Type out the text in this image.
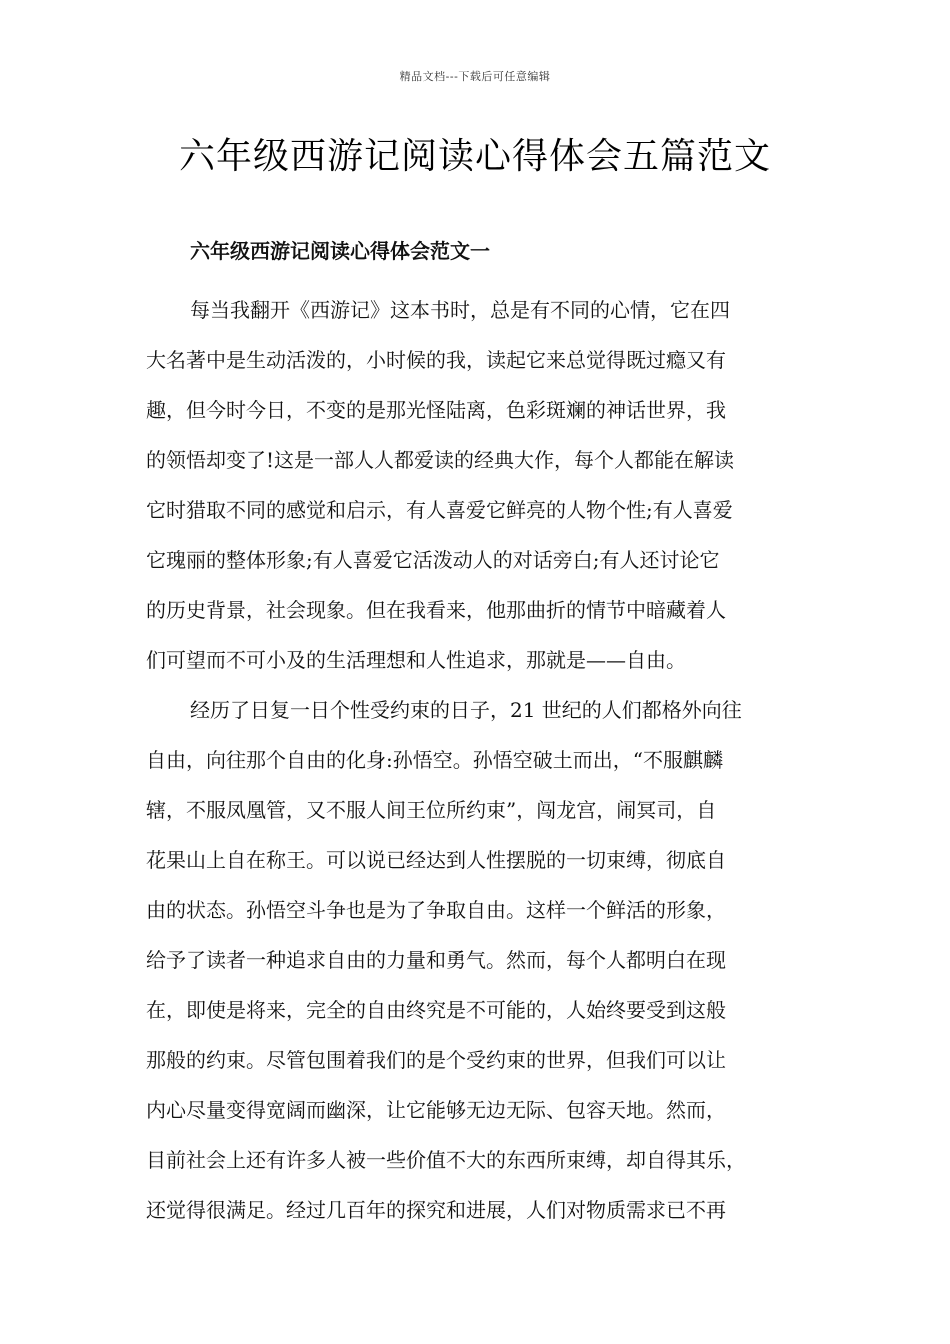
精品文档---下载后可任意编辑
六年级西游记阅读心得体会五篇范文
六年级西游记阅读心得体会范文一
每当我翻开《西游记》这本书时，总是有不同的心情，它在四
大名著中是生动活泼的，小时候的我，读起它来总觉得既过瘾又有
趣，但今时今日，不变的是那光怪陆离，色彩斑斓的神话世界，我
的领悟却变了!这是一部人人都爱读的经典大作，每个人都能在解读
它时猎取不同的感觉和启示，有人喜爱它鲜亮的人物个性;有人喜爱
它瑰丽的整体形象;有人喜爱它活泼动人的对话旁白;有人还讨论它
的历史背景，社会现象。但在我看来，他那曲折的情节中暗藏着人
们可望而不可小及的生活理想和人性追求，那就是——自由。
经历了日复一日个性受约束的日子，21 世纪的人们都格外向往
自由，向往那个自由的化身:孙悟空。孙悟空破土而出，“不服麒麟
辖，不服凤凰管，又不服人间王位所约束”，闯龙宫，闹冥司，自
花果山上自在称王。可以说已经达到人性摆脱的一切束缚，彻底自
由的状态。孙悟空斗争也是为了争取自由。这样一个鲜活的形象，
给予了读者一种追求自由的力量和勇气。然而，每个人都明白在现
在，即使是将来，完全的自由终究是不可能的，人始终要受到这般
那般的约束。尽管包围着我们的是个受约束的世界，但我们可以让
内心尽量变得宽阔而幽深，让它能够无边无际、包容天地。然而，
目前社会上还有许多人被一些价值不大的东西所束缚，却自得其乐，
还觉得很满足。经过几百年的探究和进展，人们对物质需求已不再
